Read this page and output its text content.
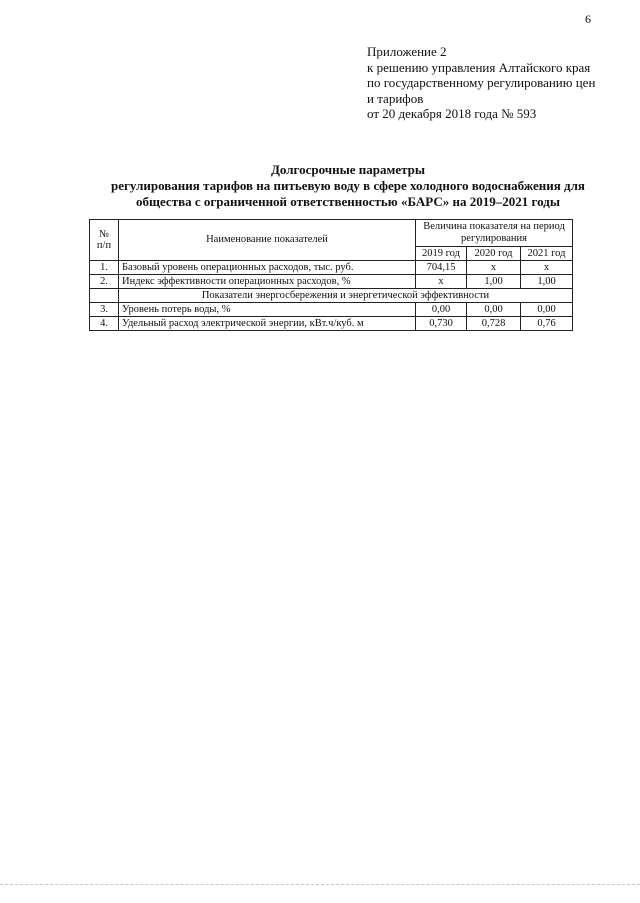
6
Приложение 2
к решению управления Алтайского края
по государственному регулированию цен
и тарифов
от 20 декабря 2018 года № 593
Долгосрочные параметры
регулирования тарифов на питьевую воду в сфере холодного водоснабжения для
общества с ограниченной ответственностью «БАРС» на 2019–2021 годы
№
п/п	Наименование показателей	Величина показателя на период регулирования		
		2019 год	2020 год	2021 год
1.	Базовый уровень операционных расходов, тыс. руб.	704,15	х	х
2.	Индекс эффективности операционных расходов, %	х	1,00	1,00
	Показатели энергосбережения и энергетической эффективности			
3.	Уровень потерь воды, %	0,00	0,00	0,00
4.	Удельный расход электрической энергии, кВт.ч/куб. м	0,730	0,728	0,76
